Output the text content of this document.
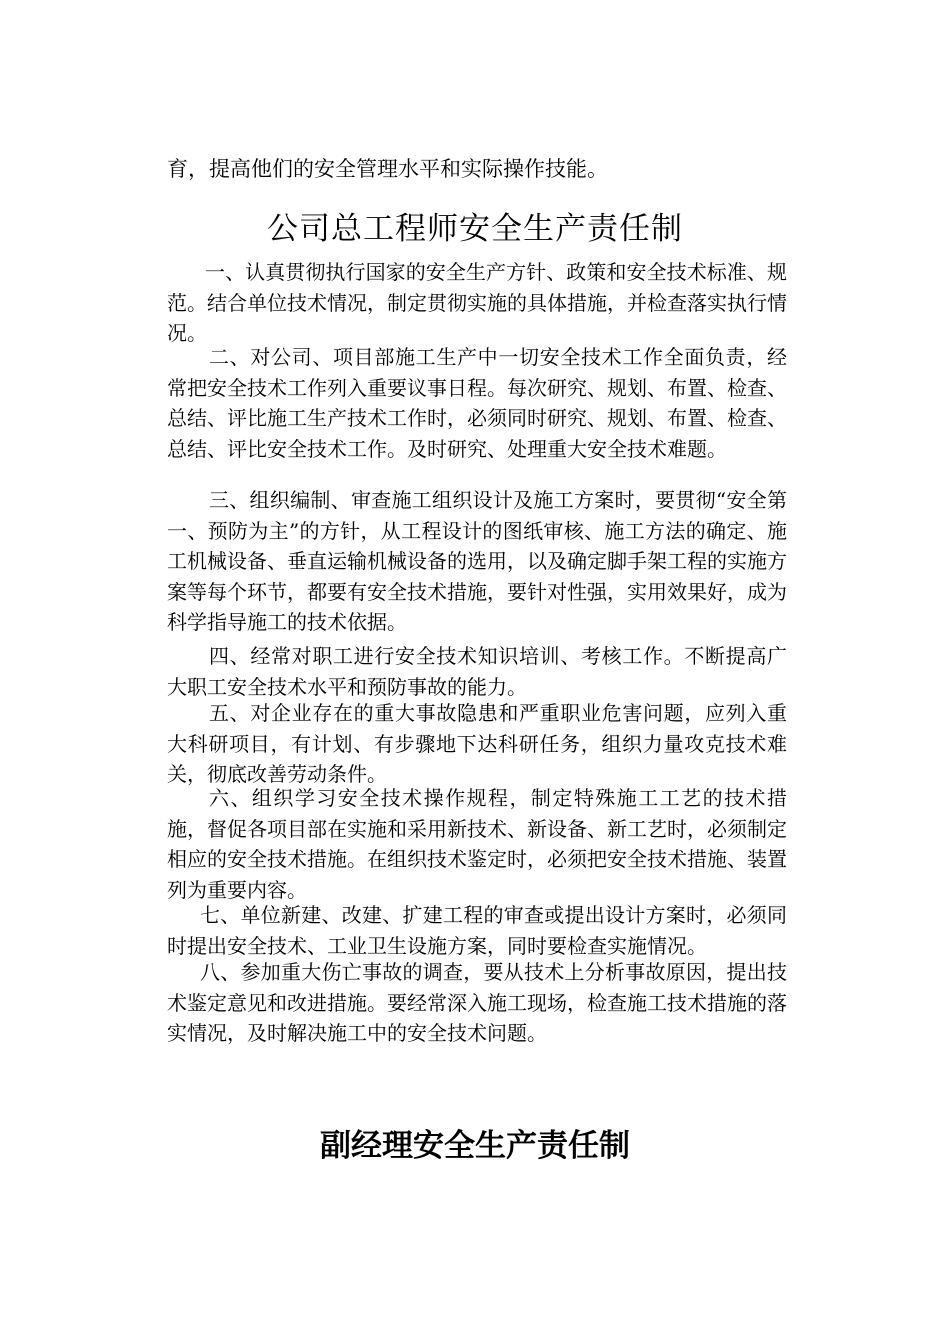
育，提高他们的安全管理水平和实际操作技能。

公司总工程师安全生产责任制

一、认真贯彻执行国家的安全生产方针、政策和安全技术标准、规范。结合单位技术情况，制定贯彻实施的具体措施，并检查落实执行情况。

二、对公司、项目部施工生产中一切安全技术工作全面负责，经常把安全技术工作列入重要议事日程。每次研究、规划、布置、检查、总结、评比施工生产技术工作时，必须同时研究、规划、布置、检查、总结、评比安全技术工作。及时研究、处理重大安全技术难题。

三、组织编制、审查施工组织设计及施工方案时，要贯彻“安全第一、预防为主”的方针，从工程设计的图纸审核、施工方法的确定、施工机械设备、垂直运输机械设备的选用，以及确定脚手架工程的实施方案等每个环节，都要有安全技术措施，要针对性强，实用效果好，成为科学指导施工的技术依据。

四、经常对职工进行安全技术知识培训、考核工作。不断提高广大职工安全技术水平和预防事故的能力。

五、对企业存在的重大事故隐患和严重职业危害问题，应列入重大科研项目，有计划、有步骤地下达科研任务，组织力量攻克技术难关，彻底改善劳动条件。

六、组织学习安全技术操作规程，制定特殊施工工艺的技术措施，督促各项目部在实施和采用新技术、新设备、新工艺时，必须制定相应的安全技术措施。在组织技术鉴定时，必须把安全技术措施、装置列为重要内容。

七、单位新建、改建、扩建工程的审查或提出设计方案时，必须同时提出安全技术、工业卫生设施方案，同时要检查实施情况。

八、参加重大伤亡事故的调查，要从技术上分析事故原因，提出技术鉴定意见和改进措施。要经常深入施工现场，检查施工技术措施的落实情况，及时解决施工中的安全技术问题。

副经理安全生产责任制
